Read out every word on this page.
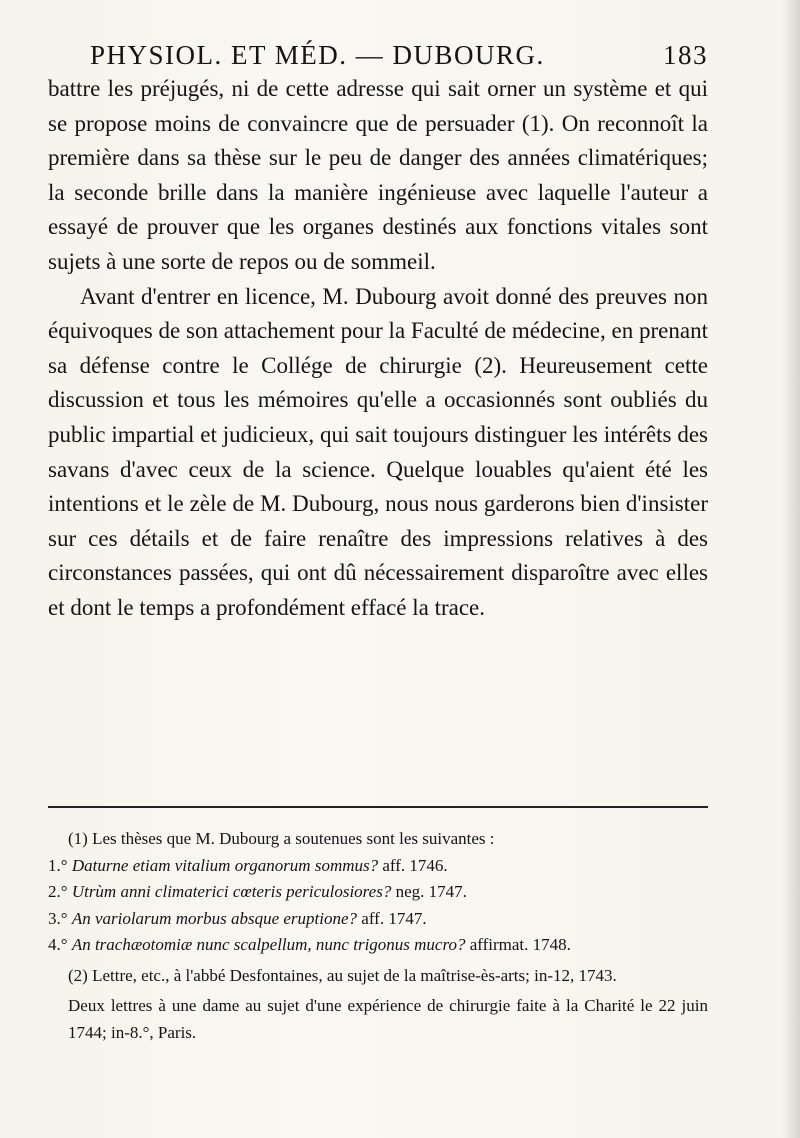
PHYSIOL. ET MÉD. — DUBOURG.	183

battre les préjugés, ni de cette adresse qui sait orner un système et qui se propose moins de convaincre que de persuader (1). On reconnoît la première dans sa thèse sur le peu de danger des années climatériques; la seconde brille dans la manière ingénieuse avec laquelle l'auteur a essayé de prouver que les organes destinés aux fonctions vitales sont sujets à une sorte de repos ou de sommeil.

Avant d'entrer en licence, M. Dubourg avoit donné des preuves non équivoques de son attachement pour la Faculté de médecine, en prenant sa défense contre le Collége de chirurgie (2). Heureusement cette discussion et tous les mémoires qu'elle a occasionnés sont oubliés du public impartial et judicieux, qui sait toujours distinguer les intérêts des savans d'avec ceux de la science. Quelque louables qu'aient été les intentions et le zèle de M. Dubourg, nous nous garderons bien d'insister sur ces détails et de faire renaître des impressions relatives à des circonstances passées, qui ont dû nécessairement disparoître avec elles et dont le temps a profondément effacé la trace.

(1) Les thèses que M. Dubourg a soutenues sont les suivantes :

1.° Daturne etiam vitalium organorum sommus? aff. 1746.

2.° Utrùm anni climaterici cœteris periculosiores? neg. 1747.

3.° An variolarum morbus absque eruptione? aff. 1747.

4.° An trachæotomiæ nunc scalpellum, nunc trigonus mucro? affirmat. 1748.

(2) Lettre, etc., à l'abbé Desfontaines, au sujet de la maîtrise-ès-arts; in-12, 1743.

Deux lettres à une dame au sujet d'une expérience de chirurgie faite à la Charité le 22 juin 1744; in-8.°, Paris.
